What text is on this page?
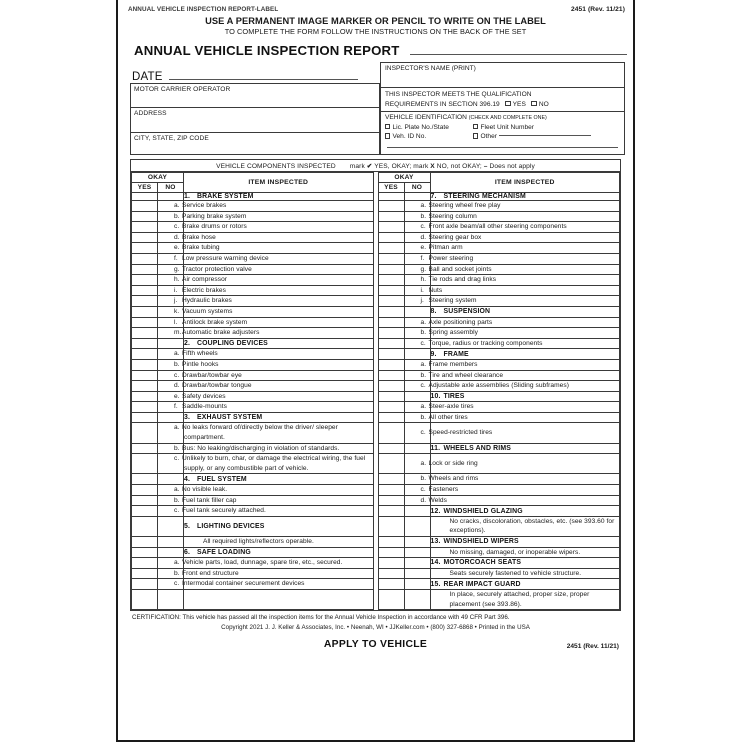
ANNUAL VEHICLE INSPECTION REPORT-LABEL	2451 (Rev. 11/21)
USE A PERMANENT IMAGE MARKER OR PENCIL TO WRITE ON THE LABEL
TO COMPLETE THE FORM FOLLOW THE INSTRUCTIONS ON THE BACK OF THE SET
ANNUAL VEHICLE INSPECTION REPORT
DATE
MOTOR CARRIER OPERATOR
ADDRESS
CITY, STATE, ZIP CODE
INSPECTOR'S NAME (PRINT)
THIS INSPECTOR MEETS THE QUALIFICATION
REQUIREMENTS IN SECTION 396.19 YES NO
VEHICLE IDENTIFICATION (CHECK AND COMPLETE ONE)
Lic. Plate No./State	Fleet Unit Number
Veh. ID No.	Other
VEHICLE COMPONENTS INSPECTED mark ✔ YES, OKAY; mark X NO, not OKAY; – Does not apply
OKAY		ITEM INSPECTED		OKAY		ITEM INSPECTED
YES	NO			YES	NO	
		1. BRAKE SYSTEM				7. STEERING MECHANISM
		a. Service brakes				a. Steering wheel free play
		b. Parking brake system				b. Steering column
		c. Brake drums or rotors				c. Front axle beam/all other steering components
		d. Brake hose				d. Steering gear box
		e. Brake tubing				e. Pitman arm
		f. Low pressure warning device				f. Power steering
		g. Tractor protection valve				g. Ball and socket joints
		h. Air compressor				h. Tie rods and drag links
		i. Electric brakes				i. Nuts
		j. Hydraulic brakes				j. Steering system
		k. Vacuum systems				8. SUSPENSION
		l. Antilock brake system				a. Axle positioning parts
		m.Automatic brake adjusters				b. Spring assembly
		2. COUPLING DEVICES				c. Torque, radius or tracking components
		a. Fifth wheels				9. FRAME
		b. Pintle hooks				a. Frame members
		c. Drawbar/towbar eye				b. Tire and wheel clearance
		d. Drawbar/towbar tongue				c. Adjustable axle assemblies (Sliding subframes)
		e. Safety devices				10. TIRES
		f. Saddle-mounts				a. Steer-axle tires
		3. EXHAUST SYSTEM				b. All other tires
		a. No leaks forward of/directly below the driver/ sleeper compartment.				c. Speed-restricted tires
		b. Bus: No leaking/discharging in violation of standards.				11. WHEELS AND RIMS
		c. Unlikely to burn, char, or damage the electrical wiring, the fuel supply, or any combustible part of vehicle.				a. Lock or side ring
		4. FUEL SYSTEM				b. Wheels and rims
		a. No visible leak.				c. Fasteners
		b. Fuel tank filler cap				d. Welds
		c. Fuel tank securely attached.				12. WINDSHIELD GLAZING
		5. LIGHTING DEVICES				No cracks, discoloration, obstacles, etc. (see 393.60 for exceptions).
		All required lights/reflectors operable.				13. WINDSHIELD WIPERS
		6. SAFE LOADING				No missing, damaged, or inoperable wipers.
		a. Vehicle parts, load, dunnage, spare tire, etc., secured.				14. MOTORCOACH SEATS
		b. Front end structure				Seats securely fastened to vehicle structure.
		c. Intermodal container securement devices				15. REAR IMPACT GUARD
						In place, securely attached, proper size, proper placement (see 393.86).
CERTIFICATION: This vehicle has passed all the inspection items for the Annual Vehicle Inspection in accordance with 49 CFR Part 396.
Copyright 2021 J. J. Keller & Associates, Inc. • Neenah, WI • JJKeller.com • (800) 327-6868 • Printed in the USA
APPLY TO VEHICLE	2451 (Rev. 11/21)
